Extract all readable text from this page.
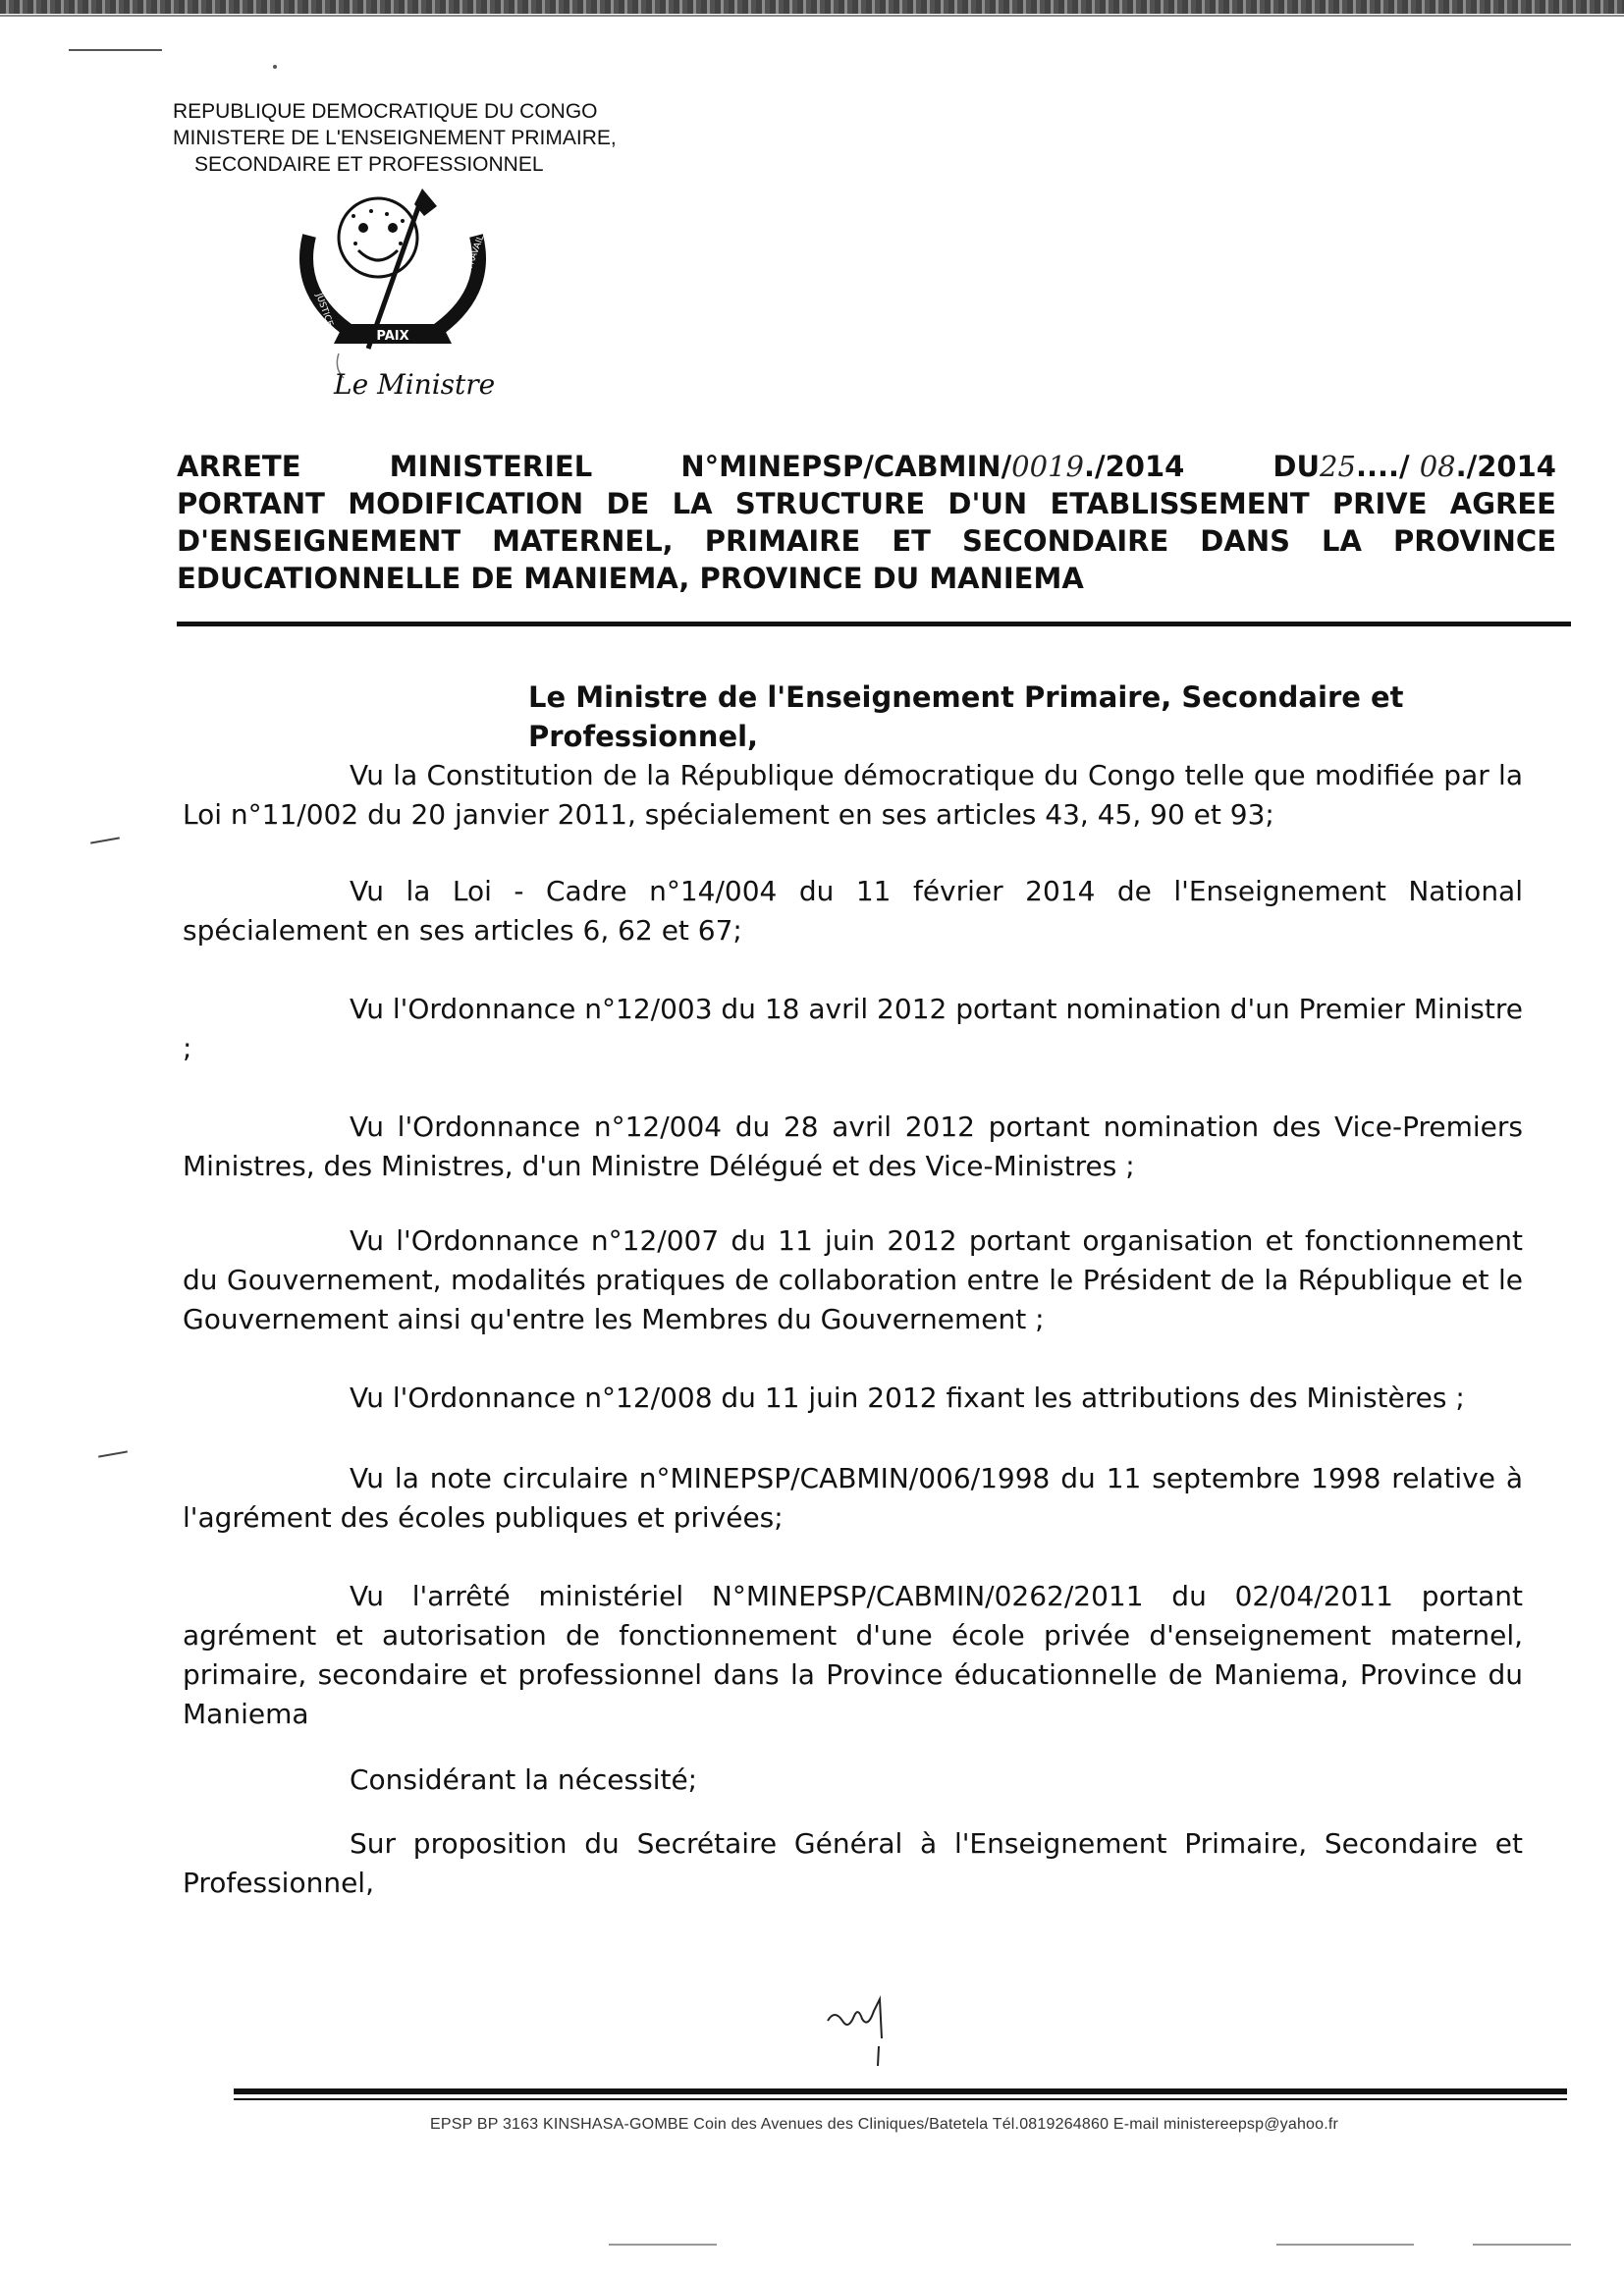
REPUBLIQUE DEMOCRATIQUE DU CONGO
MINISTERE DE L'ENSEIGNEMENT PRIMAIRE,
SECONDAIRE ET PROFESSIONNEL
PAIX
JUSTICE
TRAVAIL
Le Ministre
ARRETE	MINISTERIEL	N°MINEPSP/CABMIN/0019./2014	DU25..../ 08./2014
PORTANT MODIFICATION DE LA STRUCTURE D'UN ETABLISSEMENT PRIVE AGREE
D'ENSEIGNEMENT MATERNEL, PRIMAIRE ET SECONDAIRE DANS LA PROVINCE
EDUCATIONNELLE DE MANIEMA, PROVINCE DU MANIEMA
Le Ministre de l'Enseignement Primaire, Secondaire et Professionnel,
Vu la Constitution de la République démocratique du Congo telle que modifiée par la Loi n°11/002 du 20 janvier 2011, spécialement en ses articles 43, 45, 90 et 93;
Vu la Loi - Cadre n°14/004 du 11 février 2014 de l'Enseignement National spécialement en ses articles 6, 62 et 67;
Vu l'Ordonnance n°12/003 du 18 avril 2012 portant nomination d'un Premier Ministre ;
Vu l'Ordonnance n°12/004 du 28 avril 2012 portant nomination des Vice-Premiers Ministres, des Ministres, d'un Ministre Délégué et des Vice-Ministres ;
Vu l'Ordonnance n°12/007 du 11 juin 2012 portant organisation et fonctionnement du Gouvernement, modalités pratiques de collaboration entre le Président de la République et le Gouvernement ainsi qu'entre les Membres du Gouvernement ;
Vu l'Ordonnance n°12/008 du 11 juin 2012 fixant les attributions des Ministères ;
Vu la note circulaire n°MINEPSP/CABMIN/006/1998 du 11 septembre 1998 relative à l'agrément des écoles publiques et privées;
Vu l'arrêté ministériel N°MINEPSP/CABMIN/0262/2011 du 02/04/2011 portant agrément et autorisation de fonctionnement d'une école privée d'enseignement maternel, primaire, secondaire et professionnel dans la Province éducationnelle de Maniema, Province du Maniema
Considérant la nécessité;
Sur proposition du Secrétaire Général à l'Enseignement Primaire, Secondaire et Professionnel,
EPSP BP 3163 KINSHASA-GOMBE Coin des Avenues des Cliniques/Batetela Tél.0819264860 E-mail ministereepsp@yahoo.fr
